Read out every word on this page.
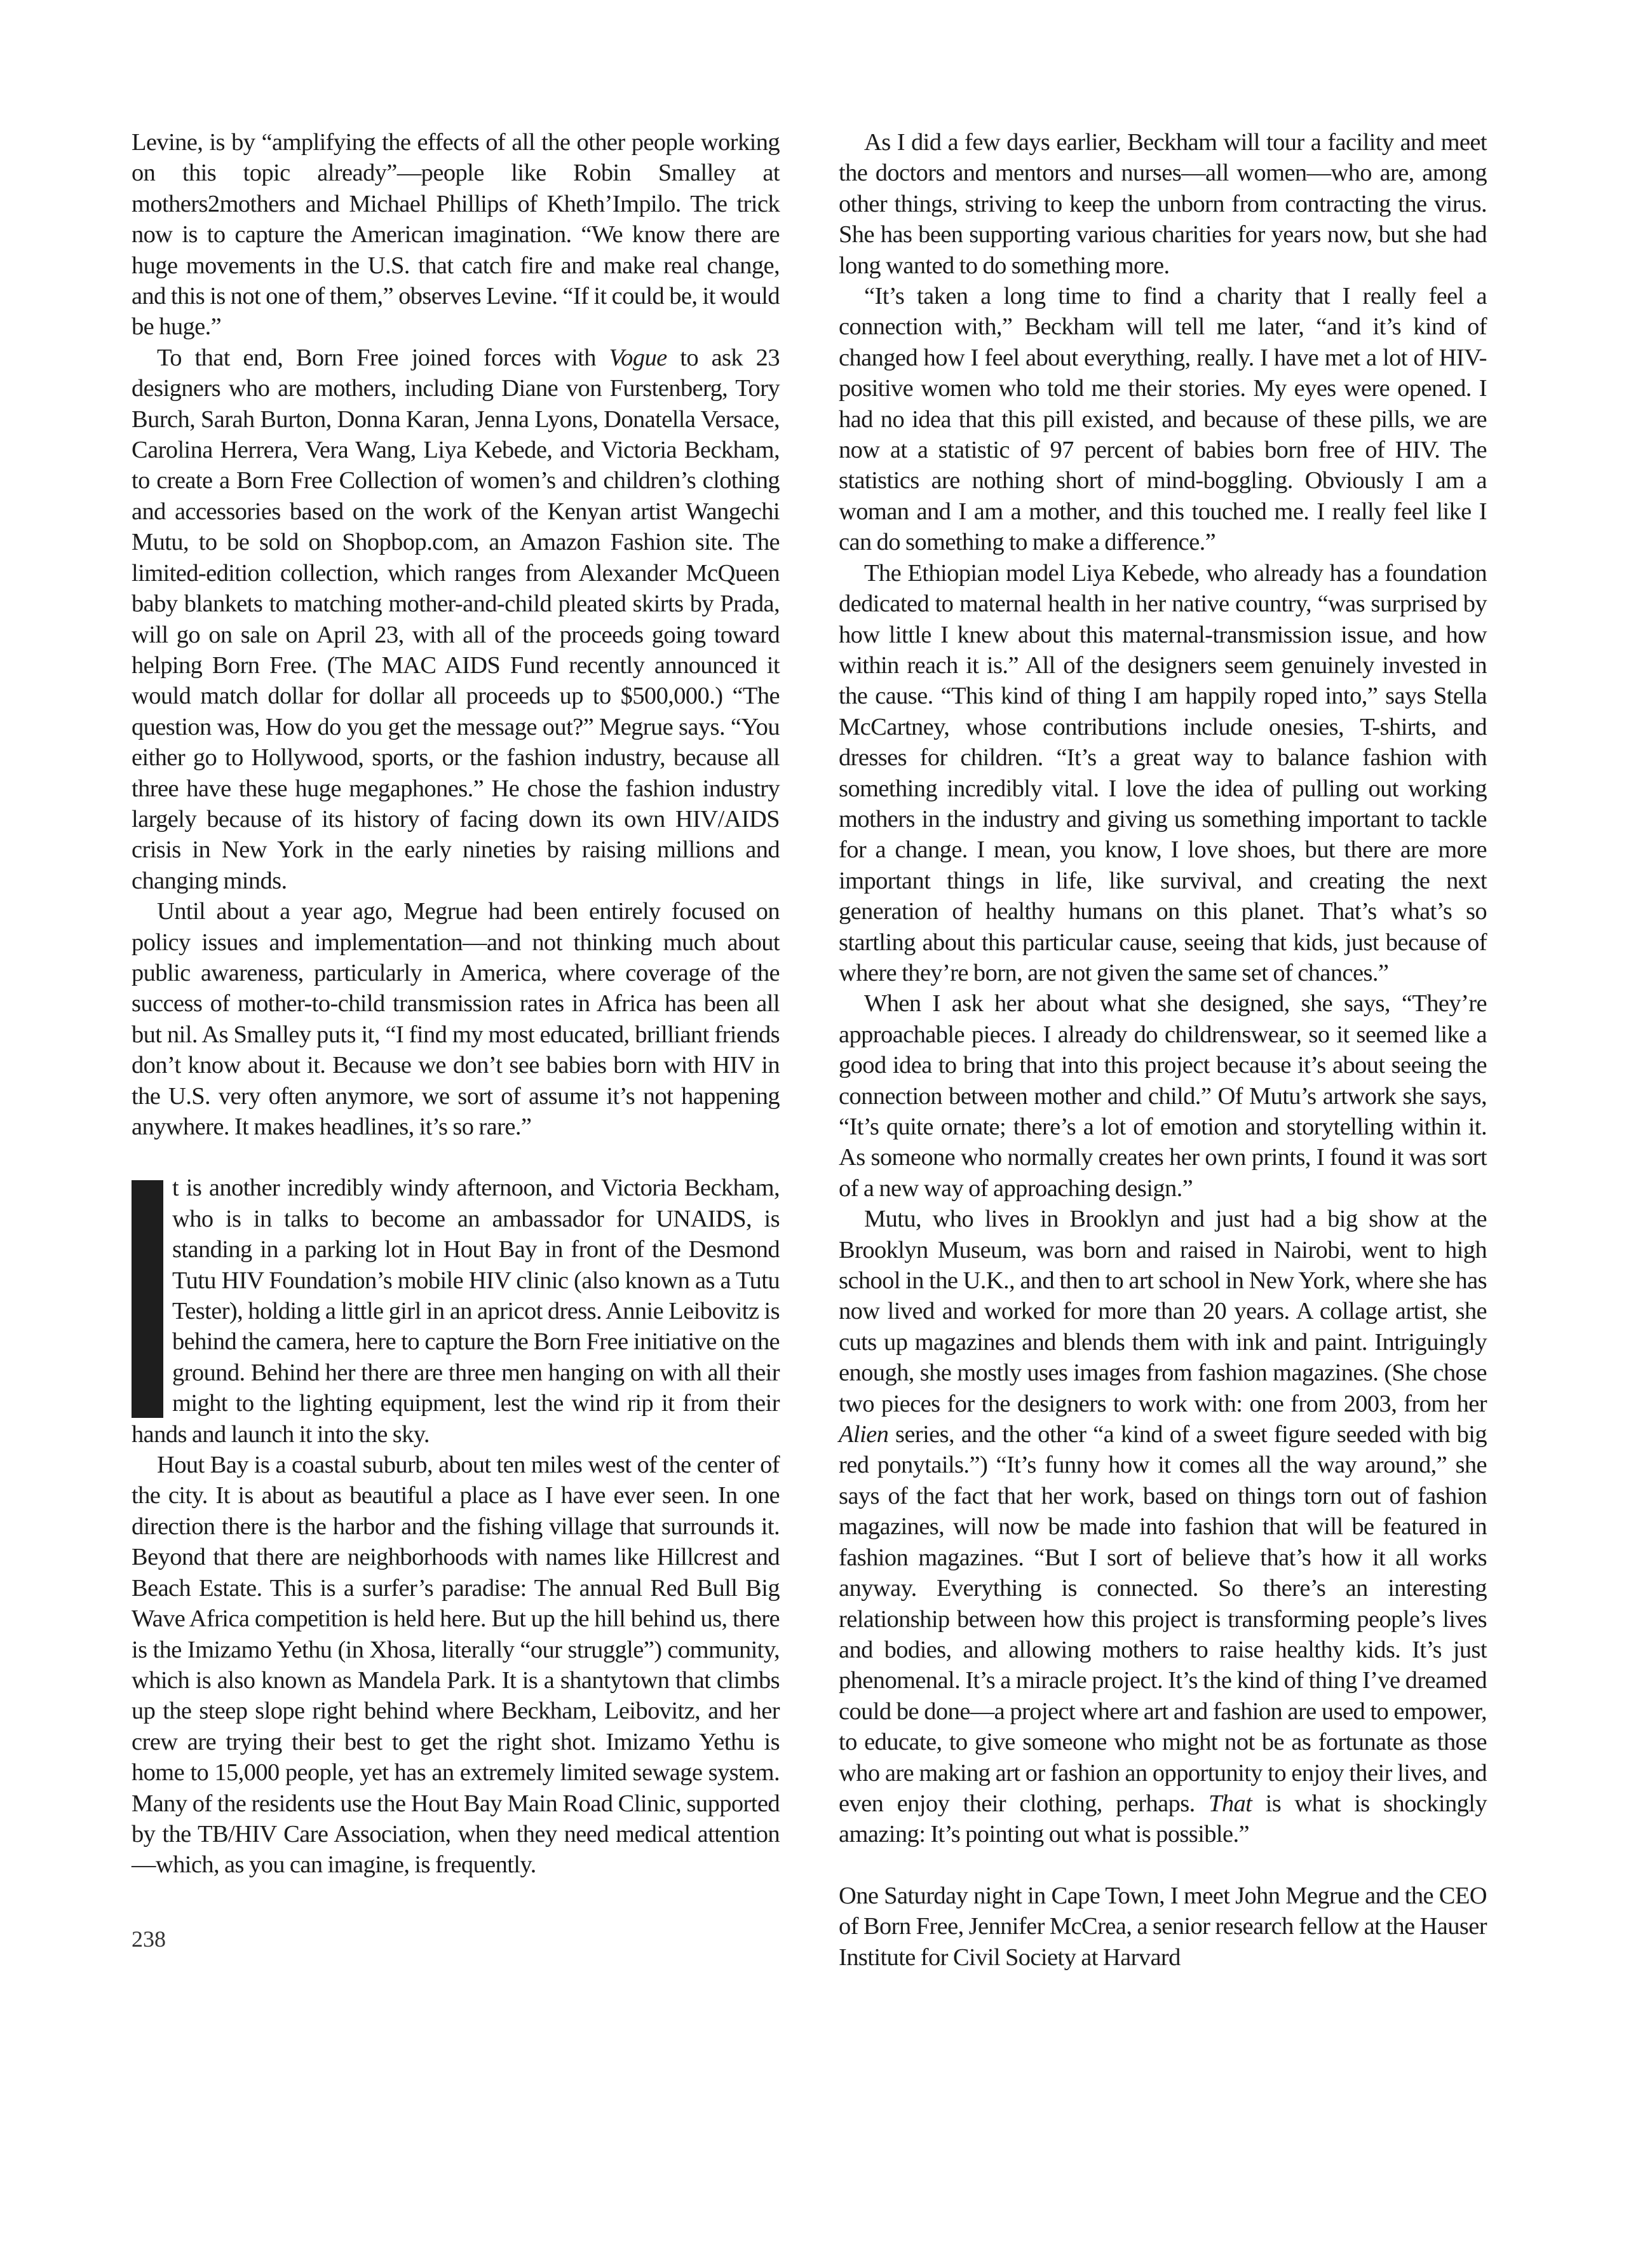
Levine, is by “amplifying the effects of all the other people working on this topic already”—people like Robin Smalley at mothers2mothers and Michael Phillips of Kheth’Impilo. The trick now is to capture the American imagination. “We know there are huge movements in the U.S. that catch fire and make real change, and this is not one of them,” observes Levine. “If it could be, it would be huge.”

To that end, Born Free joined forces with Vogue to ask 23 designers who are mothers, including Diane von Furstenberg, Tory Burch, Sarah Burton, Donna Karan, Jenna Lyons, Donatella Versace, Carolina Herrera, Vera Wang, Liya Kebede, and Victoria Beckham, to create a Born Free Collection of women’s and children’s clothing and accessories based on the work of the Kenyan artist Wangechi Mutu, to be sold on Shopbop.com, an Amazon Fashion site. The limited-edition collection, which ranges from Alexander McQueen baby blankets to matching mother-and-child pleated skirts by Prada, will go on sale on April 23, with all of the proceeds going toward helping Born Free. (The MAC AIDS Fund recently announced it would match dollar for dollar all proceeds up to $500,000.) “The question was, How do you get the message out?” Megrue says. “You either go to Hollywood, sports, or the fashion industry, because all three have these huge megaphones.” He chose the fashion industry largely because of its history of facing down its own HIV/AIDS crisis in New York in the early nineties by raising millions and changing minds.

Until about a year ago, Megrue had been entirely focused on policy issues and implementation—and not thinking much about public awareness, particularly in America, where coverage of the success of mother-to-child transmission rates in Africa has been all but nil. As Smalley puts it, “I find my most educated, brilliant friends don’t know about it. Because we don’t see babies born with HIV in the U.S. very often anymore, we sort of assume it’s not happening anywhere. It makes headlines, it’s so rare.”

I	t is another incredibly windy afternoon, and Victoria Beckham, who is in talks to become an ambassador for UNAIDS, is standing in a parking lot in Hout Bay in front of the Desmond Tutu HIV Foundation’s mobile HIV clinic (also known as a Tutu Tester), holding a little girl in an apricot dress. Annie Leibovitz is behind the camera, here to capture the Born Free initiative on the ground. Behind her there are three men hanging on with all their might to the lighting equipment, lest the wind rip it from their hands and launch it into the sky.

Hout Bay is a coastal suburb, about ten miles west of the center of the city. It is about as beautiful a place as I have ever seen. In one direction there is the harbor and the fishing village that surrounds it. Beyond that there are neighborhoods with names like Hillcrest and Beach Estate. This is a surfer’s paradise: The annual Red Bull Big Wave Africa competition is held here. But up the hill behind us, there is the Imizamo Yethu (in Xhosa, literally “our struggle”) community, which is also known as Mandela Park. It is a shantytown that climbs up the steep slope right behind where Beckham, Leibovitz, and her crew are trying their best to get the right shot. Imizamo Yethu is home to 15,000 people, yet has an extremely limited sewage system. Many of the residents use the Hout Bay Main Road Clinic, supported by the TB/HIV Care Association, when they need medical attention—which, as you can imagine, is frequently.

238

As I did a few days earlier, Beckham will tour a facility and meet the doctors and mentors and nurses—all women—who are, among other things, striving to keep the unborn from contracting the virus. She has been supporting various charities for years now, but she had long wanted to do something more.

“It’s taken a long time to find a charity that I really feel a connection with,” Beckham will tell me later, “and it’s kind of changed how I feel about everything, really. I have met a lot of HIV-positive women who told me their stories. My eyes were opened. I had no idea that this pill existed, and because of these pills, we are now at a statistic of 97 percent of babies born free of HIV. The statistics are nothing short of mind-boggling. Obviously I am a woman and I am a mother, and this touched me. I really feel like I can do something to make a difference.”

The Ethiopian model Liya Kebede, who already has a foundation dedicated to maternal health in her native country, “was surprised by how little I knew about this maternal-transmission issue, and how within reach it is.” All of the designers seem genuinely invested in the cause. “This kind of thing I am happily roped into,” says Stella McCartney, whose contributions include onesies, T-shirts, and dresses for children. “It’s a great way to balance fashion with something incredibly vital. I love the idea of pulling out working mothers in the industry and giving us something important to tackle for a change. I mean, you know, I love shoes, but there are more important things in life, like survival, and creating the next generation of healthy humans on this planet. That’s what’s so startling about this particular cause, seeing that kids, just because of where they’re born, are not given the same set of chances.”

When I ask her about what she designed, she says, “They’re approachable pieces. I already do childrenswear, so it seemed like a good idea to bring that into this project because it’s about seeing the connection between mother and child.” Of Mutu’s artwork she says, “It’s quite ornate; there’s a lot of emotion and storytelling within it. As someone who normally creates her own prints, I found it was sort of a new way of approaching design.”

Mutu, who lives in Brooklyn and just had a big show at the Brooklyn Museum, was born and raised in Nairobi, went to high school in the U.K., and then to art school in New York, where she has now lived and worked for more than 20 years. A collage artist, she cuts up magazines and blends them with ink and paint. Intriguingly enough, she mostly uses images from fashion magazines. (She chose two pieces for the designers to work with: one from 2003, from her Alien series, and the other “a kind of a sweet figure seeded with big red ponytails.”) “It’s funny how it comes all the way around,” she says of the fact that her work, based on things torn out of fashion magazines, will now be made into fashion that will be featured in fashion magazines. “But I sort of believe that’s how it all works anyway. Everything is connected. So there’s an interesting relationship between how this project is transforming people’s lives and bodies, and allowing mothers to raise healthy kids. It’s just phenomenal. It’s a miracle project. It’s the kind of thing I’ve dreamed could be done—a project where art and fashion are used to empower, to educate, to give someone who might not be as fortunate as those who are making art or fashion an opportunity to enjoy their lives, and even enjoy their clothing, perhaps. That is what is shockingly amazing: It’s pointing out what is possible.”

One Saturday night in Cape Town, I meet John Megrue and the CEO of Born Free, Jennifer McCrea, a senior research fellow at the Hauser Institute for Civil Society at Harvard
